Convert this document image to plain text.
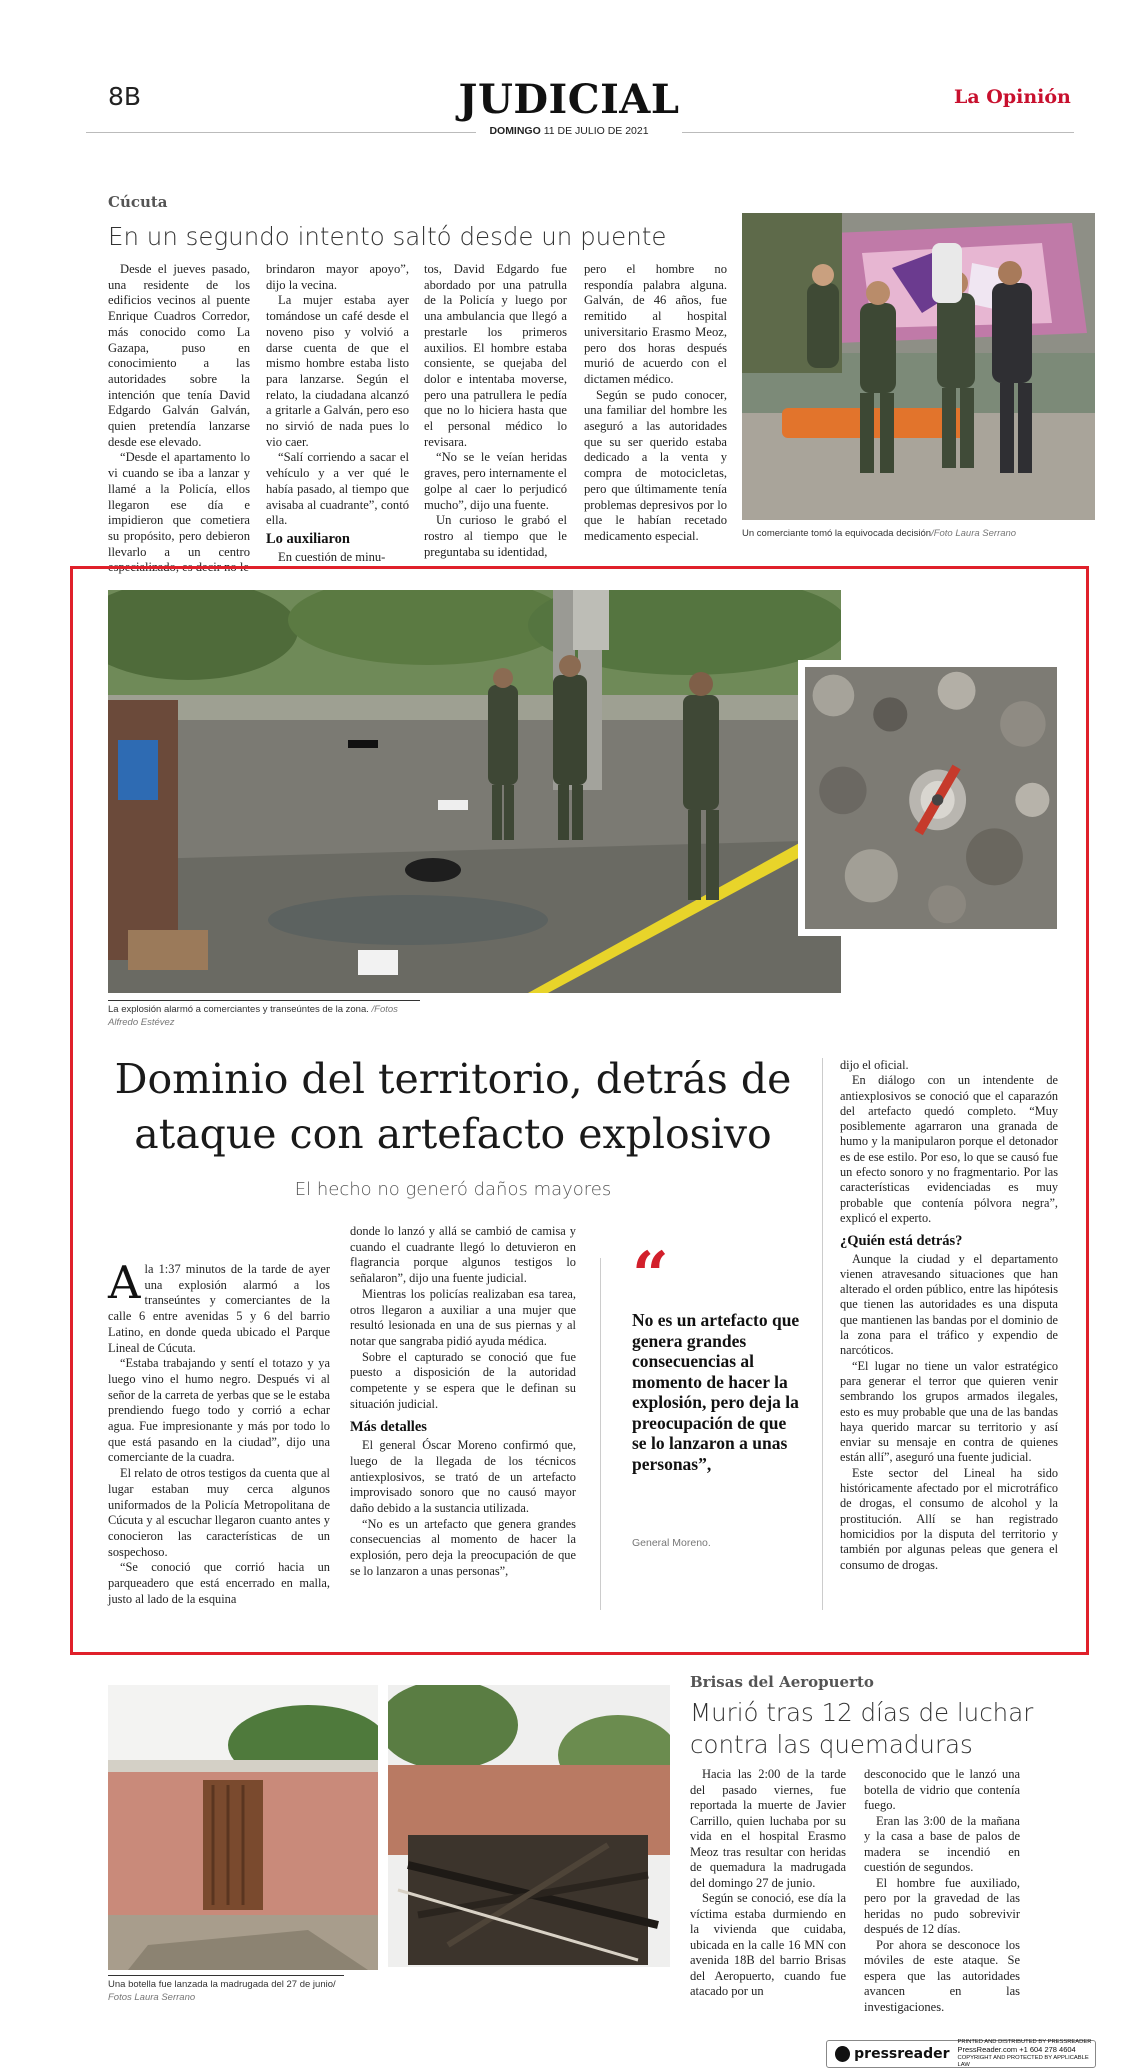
8B	JUDICIAL
DOMINGO 11 DE JULIO DE 2021
La Opinión
Cúcuta
En un segundo intento saltó desde un puente

Desde el jueves pasado, una residente de los edificios vecinos al puente Enrique Cuadros Corredor, más conocido como La Gazapa, puso en conocimiento a las autoridades sobre la intención que tenía David Edgardo Galván Galván, quien pretendía lanzarse desde ese elevado.

“Desde el apartamento lo vi cuando se iba a lanzar y llamé a la Policía, ellos llegaron ese día e impidieron que cometiera su propósito, pero debieron llevarlo a un centro especializado, es decir no le

brindaron mayor apoyo”, dijo la vecina.

La mujer estaba ayer tomándose un café desde el noveno piso y volvió a darse cuenta de que el mismo hombre estaba listo para lanzarse. Según el relato, la ciudadana alcanzó a gritarle a Galván, pero eso no sirvió de nada pues lo vio caer.

“Salí corriendo a sacar el vehículo y a ver qué le había pasado, al tiempo que avisaba al cuadrante”, contó ella.

Lo auxiliaron

En cuestión de minu-

tos, David Edgardo fue abordado por una patrulla de la Policía y luego por una ambulancia que llegó a prestarle los primeros auxilios. El hombre estaba consiente, se quejaba del dolor e intentaba moverse, pero una patrullera le pedía que no lo hiciera hasta que el personal médico lo revisara.

“No se le veían heridas graves, pero internamente el golpe al caer lo perjudicó mucho”, dijo una fuente.

Un curioso le grabó el rostro al tiempo que le preguntaba su identidad,

pero el hombre no respondía palabra alguna. Galván, de 46 años, fue remitido al hospital universitario Erasmo Meoz, pero dos horas después murió de acuerdo con el dictamen médico.

Según se pudo conocer, una familiar del hombre les aseguró a las autoridades que su ser querido estaba dedicado a la venta y compra de motocicletas, pero que últimamente tenía problemas depresivos por lo que le habían recetado medicamento especial.	Un comerciante tomó la equivocada decisión/Foto Laura Serrano
La explosión alarmó a comerciantes y transeúntes de la zona. /Fotos Alfredo Estévez
Dominio del territorio, detrás de ataque con artefacto explosivo
El hecho no generó daños mayores

Ala 1:37 minutos de la tarde de ayer una explosión alarmó a los transeúntes y comerciantes de la calle 6 entre avenidas 5 y 6 del barrio Latino, en donde queda ubicado el Parque Lineal de Cúcuta.

“Estaba trabajando y sentí el totazo y ya luego vino el humo negro. Después vi al señor de la carreta de yerbas que se le estaba prendiendo fuego todo y corrió a echar agua. Fue impresionante y más por todo lo que está pasando en la ciudad”, dijo una comerciante de la cuadra.

El relato de otros testigos da cuenta que al lugar estaban muy cerca algunos uniformados de la Policía Metropolitana de Cúcuta y al escuchar llegaron cuanto antes y conocieron las características de un sospechoso.

“Se conoció que corrió hacia un parqueadero que está encerrado en malla, justo al lado de la esquina

donde lo lanzó y allá se cambió de camisa y cuando el cuadrante llegó lo detuvieron en flagrancia porque algunos testigos lo señalaron”, dijo una fuente judicial.

Mientras los policías realizaban esa tarea, otros llegaron a auxiliar a una mujer que resultó lesionada en una de sus piernas y al notar que sangraba pidió ayuda médica.

Sobre el capturado se conoció que fue puesto a disposición de la autoridad competente y se espera que le definan su situación judicial.

Más detalles

El general Óscar Moreno confirmó que, luego de la llegada de los técnicos antiexplosivos, se trató de un artefacto improvisado sonoro que no causó mayor daño debido a la sustancia utilizada.

“No es un artefacto que genera grandes consecuencias al momento de hacer la explosión, pero deja la preocupación de que se lo lanzaron a unas personas”,

“
No es un artefacto que genera grandes consecuencias al momento de hacer la explosión, pero deja la preocupación de que se lo lanzaron a unas personas”,
General Moreno.

dijo el oficial.

En diálogo con un intendente de antiexplosivos se conoció que el caparazón del artefacto quedó completo. “Muy posiblemente agarraron una granada de humo y la manipularon porque el detonador es de ese estilo. Por eso, lo que se causó fue un efecto sonoro y no fragmentario. Por las características evidenciadas es muy probable que contenía pólvora negra”, explicó el experto.

¿Quién está detrás?

Aunque la ciudad y el departamento vienen atravesando situaciones que han alterado el orden público, entre las hipótesis que tienen las autoridades es una disputa que mantienen las bandas por el dominio de la zona para el tráfico y expendio de narcóticos.

“El lugar no tiene un valor estratégico para generar el terror que quieren venir sembrando los grupos armados ilegales, esto es muy probable que una de las bandas haya querido marcar su territorio y así enviar su mensaje en contra de quienes están allí”, aseguró una fuente judicial.

Este sector del Lineal ha sido históricamente afectado por el microtráfico de drogas, el consumo de alcohol y la prostitución. Allí se han registrado homicidios por la disputa del territorio y también por algunas peleas que genera el consumo de drogas.

Una botella fue lanzada la madrugada del 27 de junio/
Fotos Laura Serrano
Brisas del Aeropuerto
Murió tras 12 días de luchar contra las quemaduras

Hacia las 2:00 de la tarde del pasado viernes, fue reportada la muerte de Javier Carrillo, quien luchaba por su vida en el hospital Erasmo Meoz tras resultar con heridas de quemadura la madrugada del domingo 27 de junio.

Según se conoció, ese día la víctima estaba durmiendo en la vivienda que cuidaba, ubicada en la calle 16 MN con avenida 18B del barrio Brisas del Aeropuerto, cuando fue atacado por un

desconocido que le lanzó una botella de vidrio que contenía fuego.

Eran las 3:00 de la mañana y la casa a base de palos de madera se incendió en cuestión de segundos.

El hombre fue auxiliado, pero por la gravedad de las heridas no pudo sobrevivir después de 12 días.

Por ahora se desconoce los móviles de este ataque. Se espera que las autoridades avancen en las investigaciones.

pressreader
PRINTED AND DISTRIBUTED BY PRESSREADER
PressReader.com +1 604 278 4604
COPYRIGHT AND PROTECTED BY APPLICABLE LAW
